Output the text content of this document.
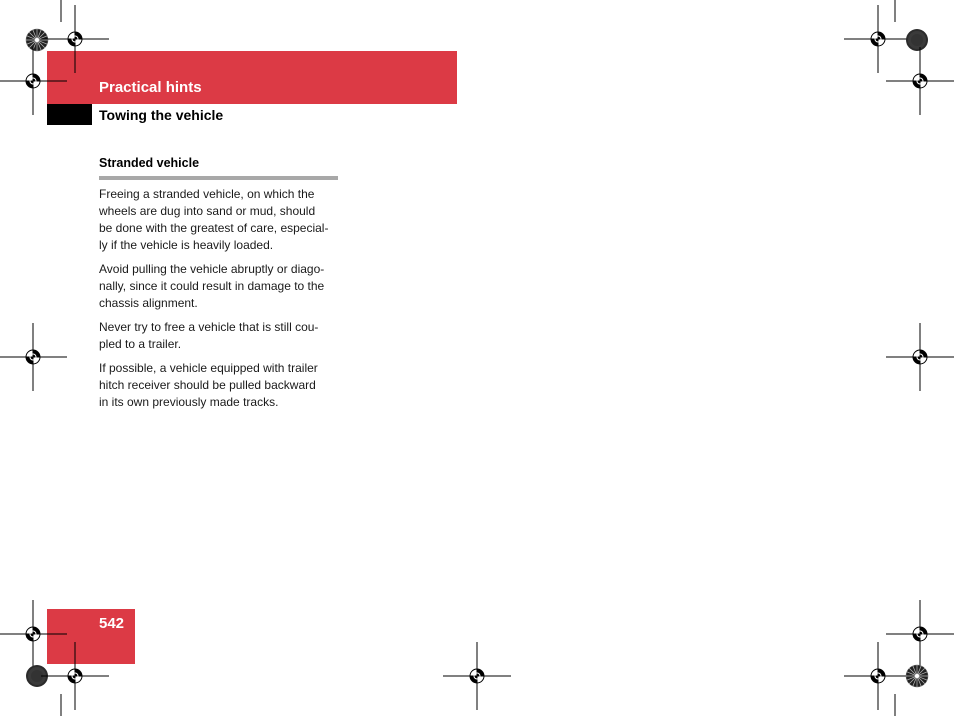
Practical hints
Towing the vehicle
Stranded vehicle

Freeing a stranded vehicle, on which the
wheels are dug into sand or mud, should
be done with the greatest of care, especial-
ly if the vehicle is heavily loaded.

Avoid pulling the vehicle abruptly or diago-
nally, since it could result in damage to the
chassis alignment.

Never try to free a vehicle that is still cou-
pled to a trailer.

If possible, a vehicle equipped with trailer
hitch receiver should be pulled backward
in its own previously made tracks.

542
